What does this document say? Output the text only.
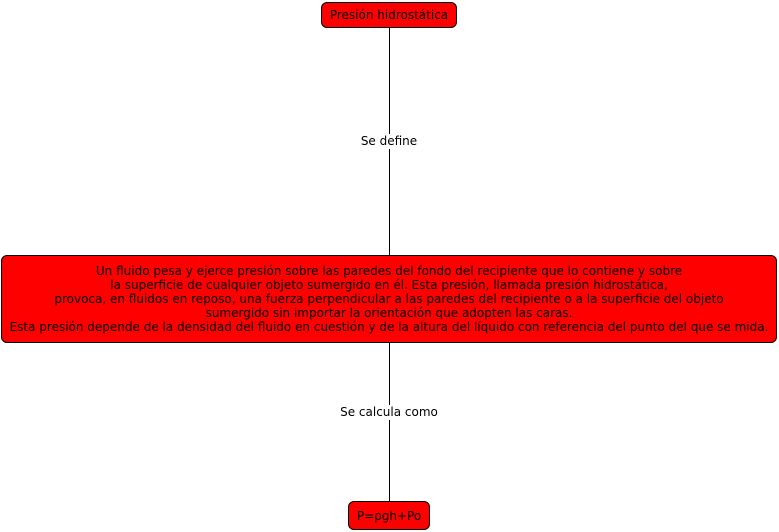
Presión hidrostática
Se define
Un fluido pesa y ejerce presión sobre las paredes del fondo del recipiente que lo contiene y sobre
la superficie de cualquier objeto sumergido en él. Esta presión, llamada presión hidrostática,
provoca, en fluidos en reposo, una fuerza perpendicular a las paredes del recipiente o a la superficie del objeto
sumergido sin importar la orientación que adopten las caras.
Esta presión depende de la densidad del fluido en cuestión y de la altura del líquido con referencia del punto del que se mida.
Se calcula como
P=ρgh+Po
